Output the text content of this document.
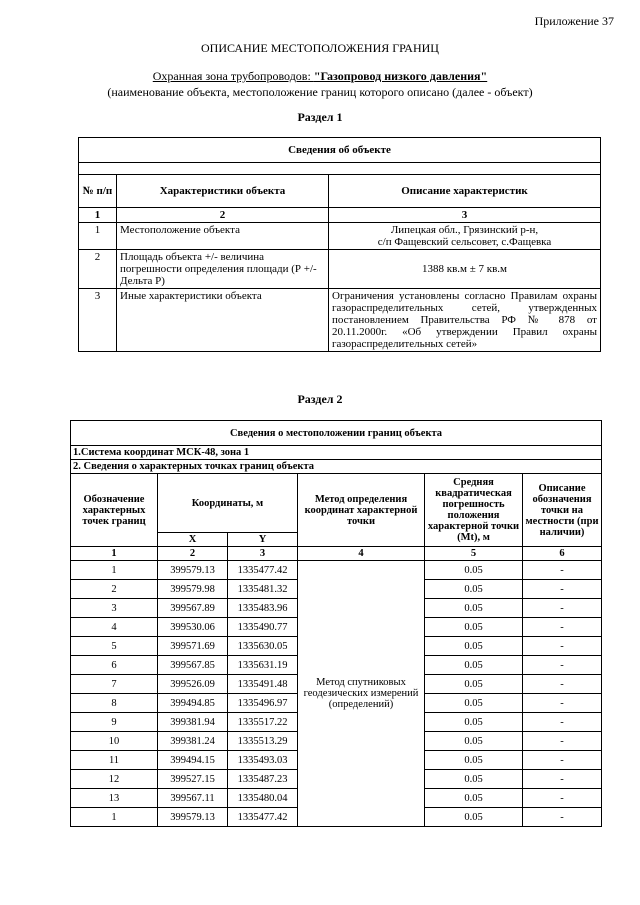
Приложение 37
ОПИСАНИЕ МЕСТОПОЛОЖЕНИЯ ГРАНИЦ
Охранная зона трубопроводов: "Газопровод низкого давления"
(наименование объекта, местоположение границ которого описано (далее - объект)
Раздел 1
Сведения об объекте		

№ п/п	Характеристики объекта	Описание характеристик
1	2	3
1	Местоположение объекта	Липецкая обл., Грязинский р-н,
с/п Фащевский сельсовет, с.Фащевка

2	Площадь объекта +/- величина погрешности определения площади (Р +/- Дельта Р)	1388 кв.м ± 7 кв.м
3	Иные характеристики объекта	Ограничения установлены согласно Правилам охраны газораспределительных сетей, утвержденных постановлением Правительства РФ № 878 от 20.11.2000г. «Об утверждении Правил охраны газораспределительных сетей»
Раздел 2
Сведения о местоположении границ объекта					
1.Система координат МСК-48, зона 1					
2. Сведения о характерных точках границ объекта					
Обозначение характерных точек границ	Координаты, м		Метод определения координат характерной точки	Средняя квадратическая погрешность положения характерной точки (Mt), м	Описание обозначения точки на местности (при наличии)
	X	Y			
1	2	3	4	5	6
1	399579.13	1335477.42	Метод спутниковых геодезических измерений (определений)	0.05	-
2	399579.98	1335481.32		0.05	-
3	399567.89	1335483.96		0.05	-
4	399530.06	1335490.77		0.05	-
5	399571.69	1335630.05		0.05	-
6	399567.85	1335631.19		0.05	-
7	399526.09	1335491.48		0.05	-
8	399494.85	1335496.97		0.05	-
9	399381.94	1335517.22		0.05	-
10	399381.24	1335513.29		0.05	-
11	399494.15	1335493.03		0.05	-
12	399527.15	1335487.23		0.05	-
13	399567.11	1335480.04		0.05	-
1	399579.13	1335477.42		0.05	-
